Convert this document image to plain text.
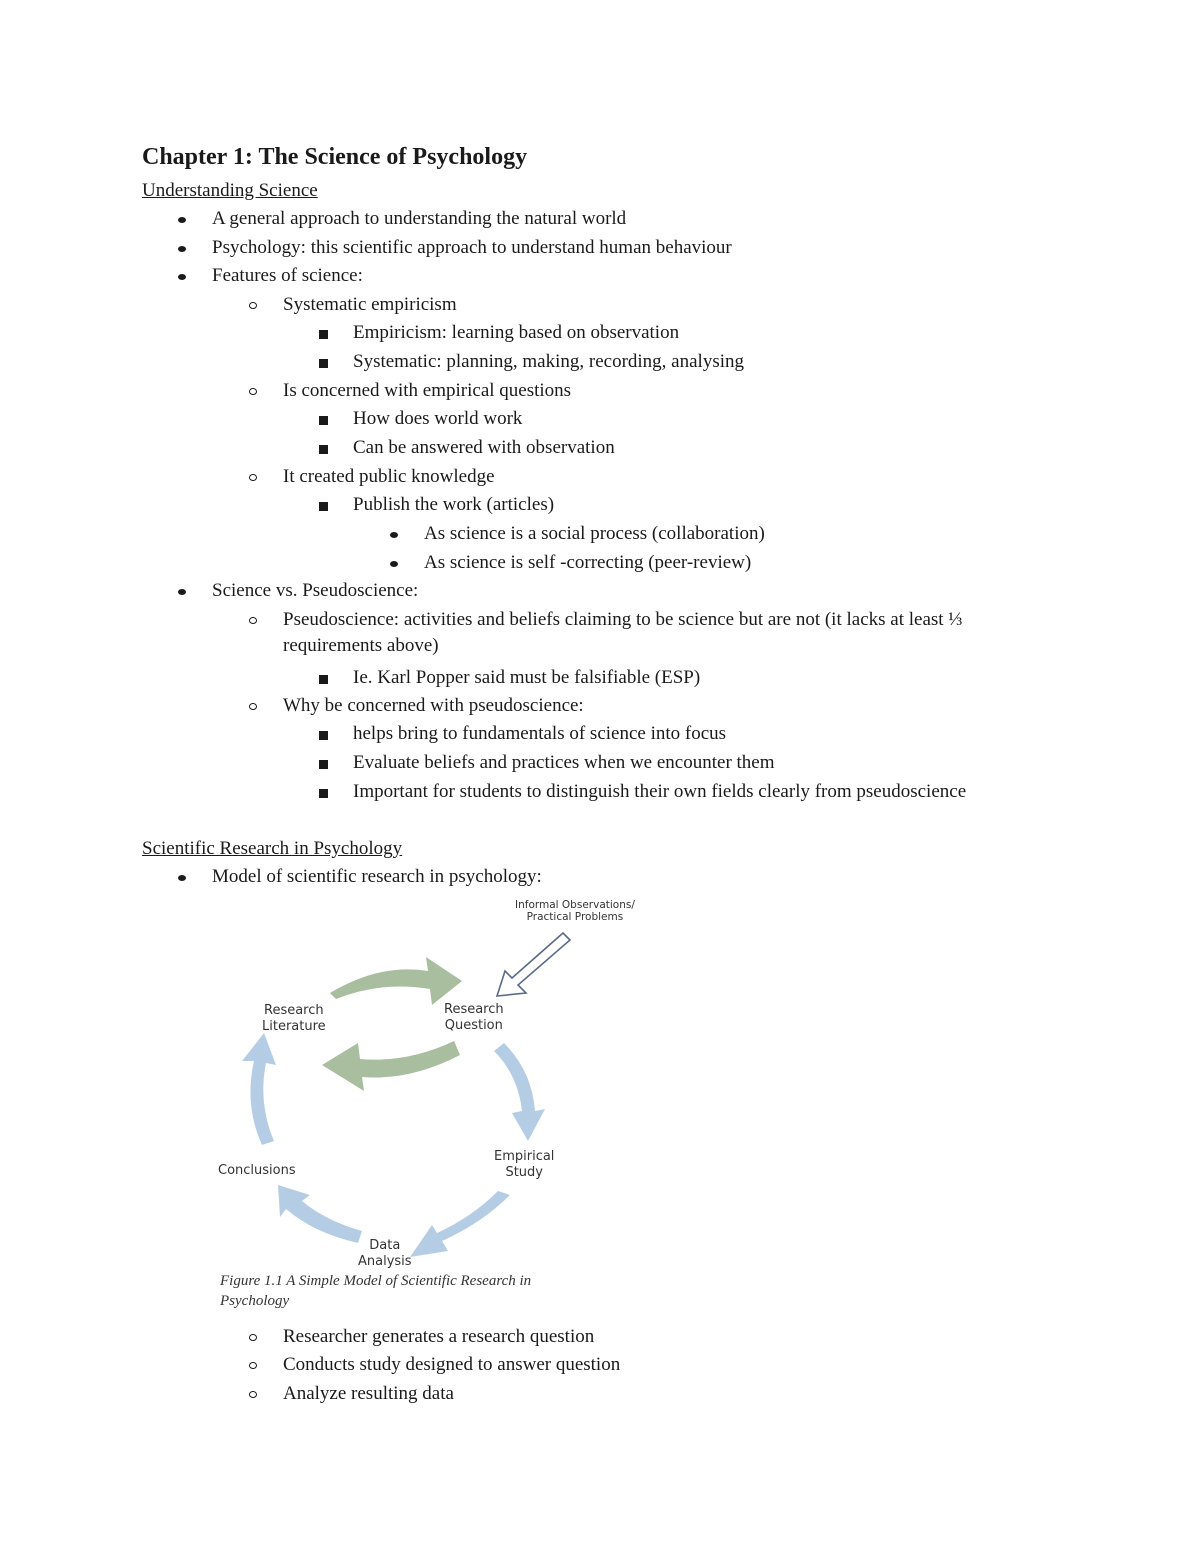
Chapter 1: The Science of Psychology
Understanding Science
A general approach to understanding the natural world
Psychology: this scientific approach to understand human behaviour
Features of science:
Systematic empiricism
Empiricism: learning based on observation
Systematic: planning, making, recording, analysing
Is concerned with empirical questions
How does world work
Can be answered with observation
It created public knowledge
Publish the work (articles)
As science is a social process (collaboration)
As science is self -correcting (peer-review)
Science vs. Pseudoscience:
Pseudoscience: activities and beliefs claiming to be science but are not (it lacks at least ⅓ requirements above)
Ie. Karl Popper said must be falsifiable (ESP)
Why be concerned with pseudoscience:
helps bring to fundamentals of science into focus
Evaluate beliefs and practices when we encounter them
Important for students to distinguish their own fields clearly from pseudoscience
Scientific Research in Psychology
Model of scientific research in psychology:
Informal Observations/
Practical Problems
Research
Literature
Research
Question
Empirical
Study
Data
Analysis
Conclusions
Figure 1.1 A Simple Model of Scientific Research in Psychology
Researcher generates a research question
Conducts study designed to answer question
Analyze resulting data
